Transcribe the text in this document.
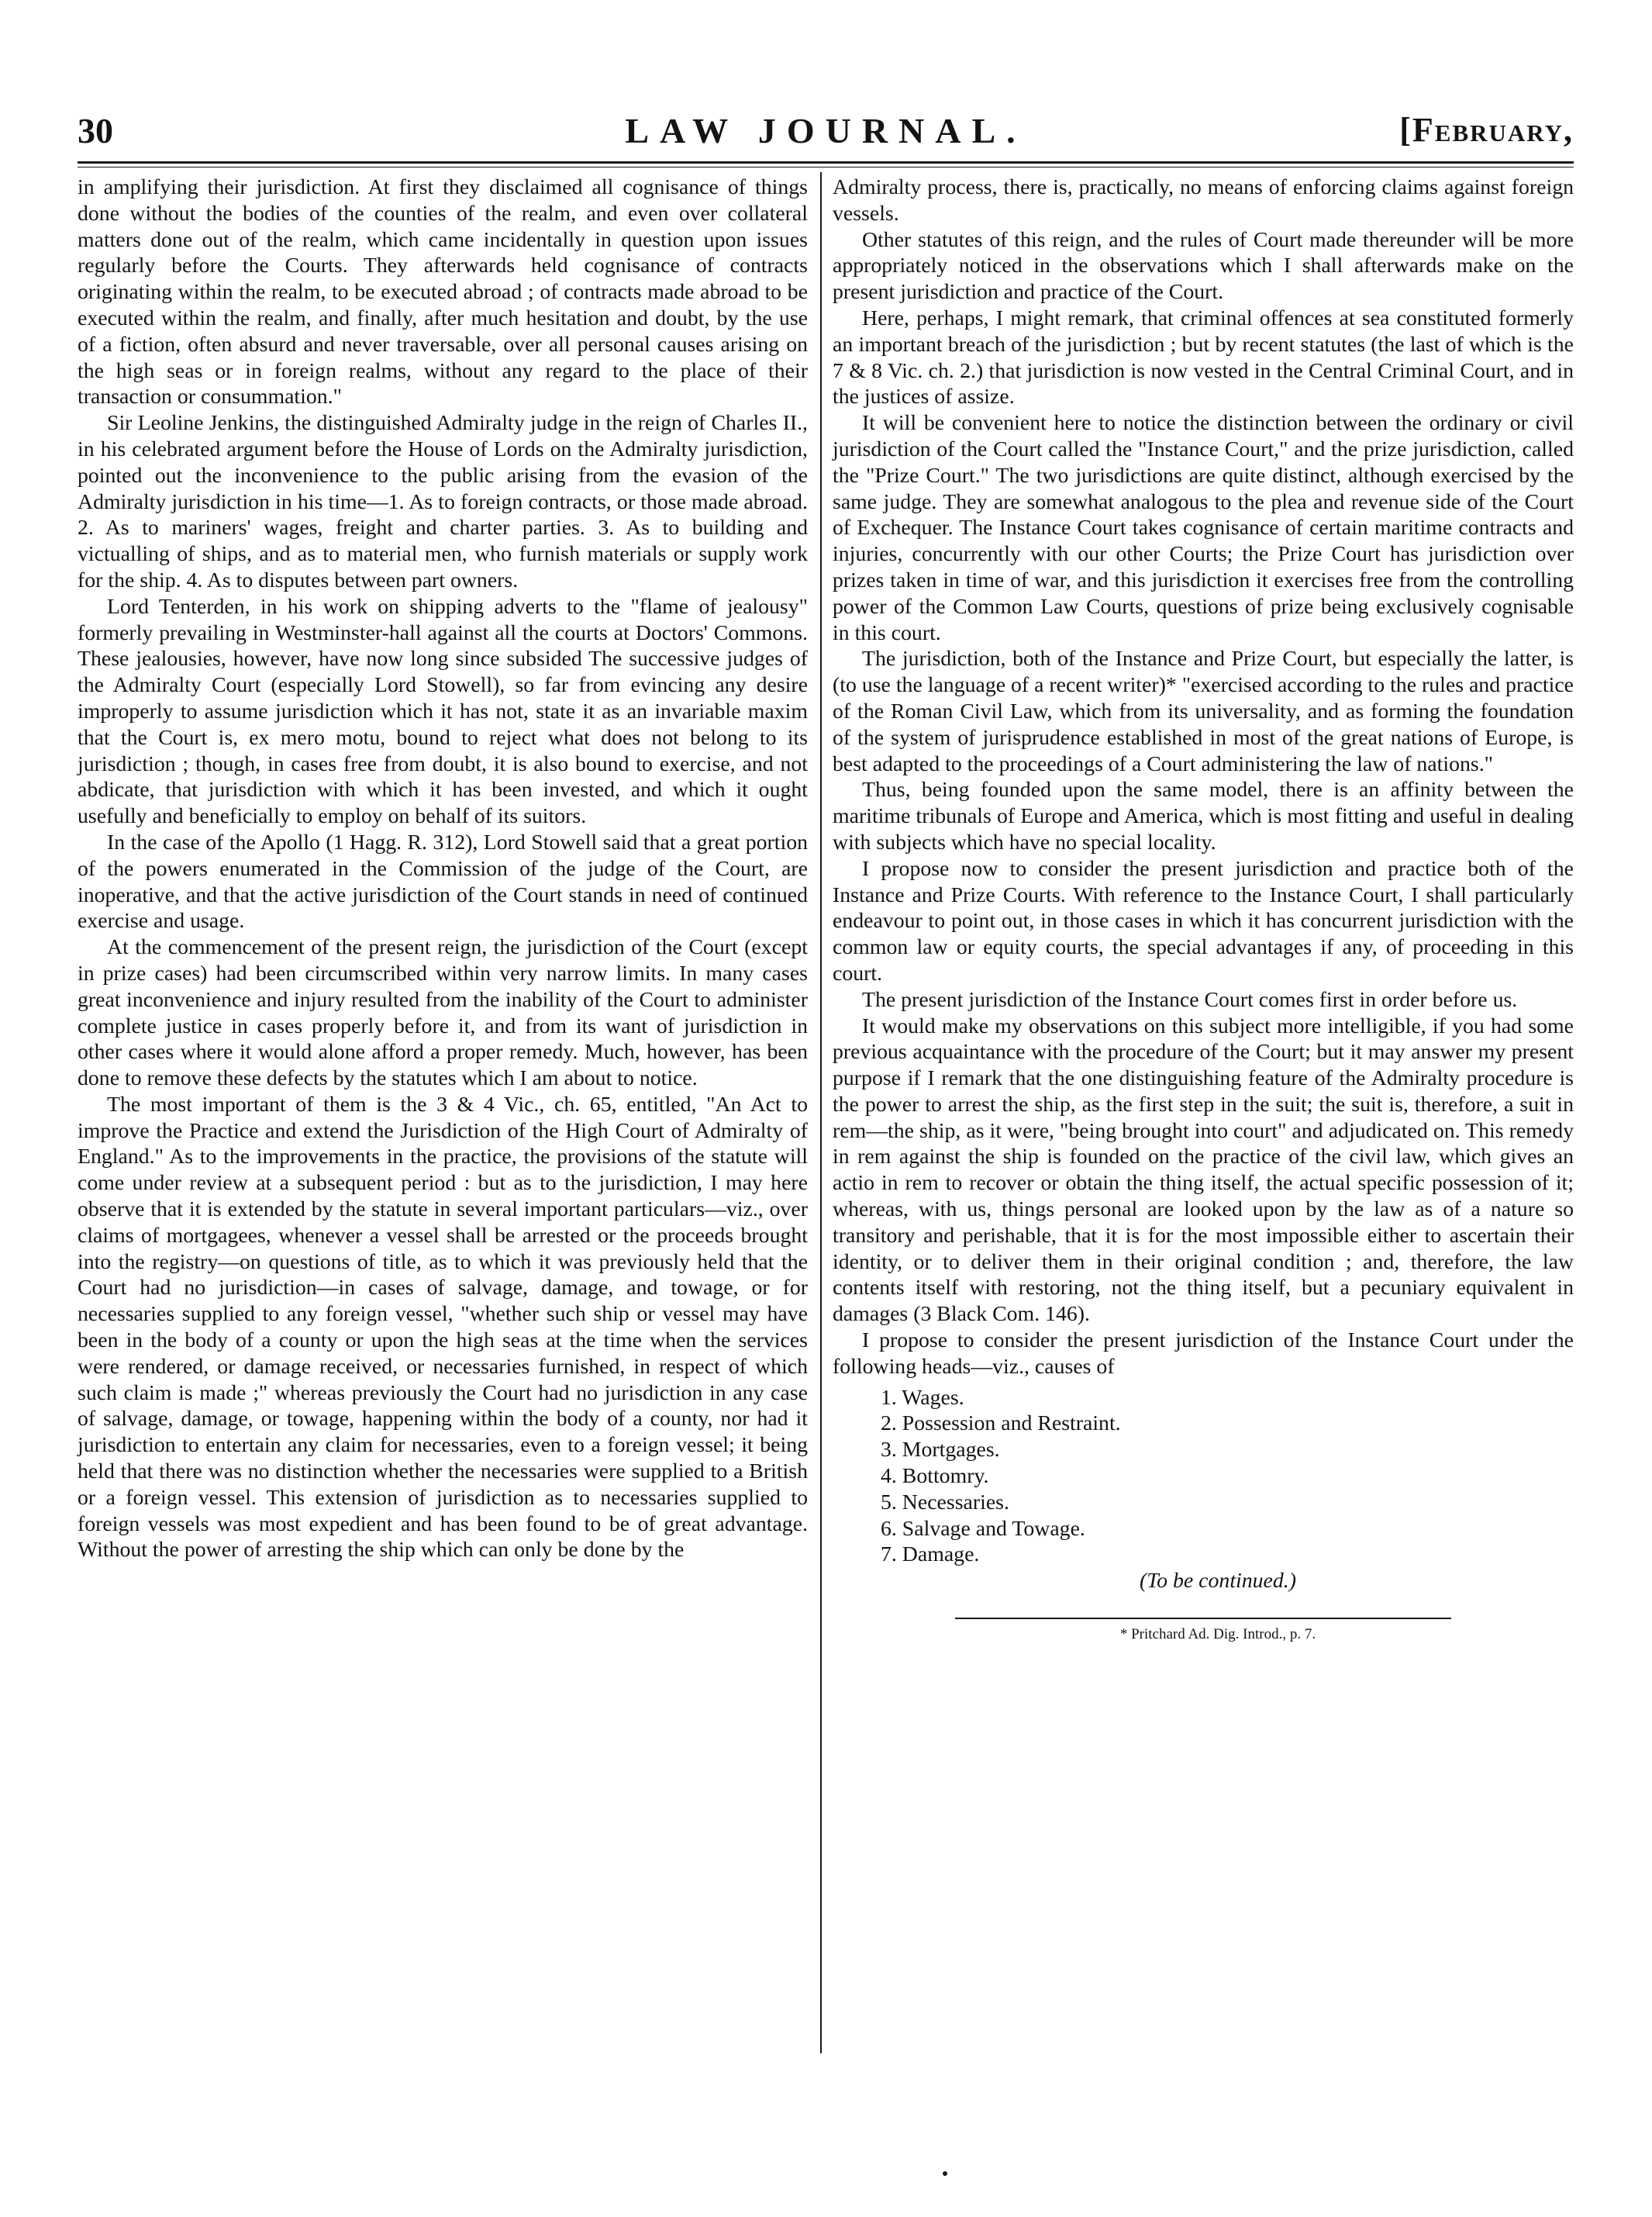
30	LAW JOURNAL.	[February,

in amplifying their jurisdiction. At first they disclaimed all cognisance of things done without the bodies of the counties of the realm, and even over collateral matters done out of the realm, which came incidentally in question upon issues regularly before the Courts. They afterwards held cognisance of contracts originating within the realm, to be executed abroad ; of contracts made abroad to be executed within the realm, and finally, after much hesitation and doubt, by the use of a fiction, often absurd and never traversable, over all personal causes arising on the high seas or in foreign realms, without any regard to the place of their transaction or consummation."

Sir Leoline Jenkins, the distinguished Admiralty judge in the reign of Charles II., in his celebrated argument before the House of Lords on the Admiralty jurisdiction, pointed out the inconvenience to the public arising from the evasion of the Admiralty jurisdiction in his time—1. As to foreign contracts, or those made abroad. 2. As to mariners' wages, freight and charter parties. 3. As to building and victualling of ships, and as to material men, who furnish materials or supply work for the ship. 4. As to disputes between part owners.

Lord Tenterden, in his work on shipping adverts to the "flame of jealousy" formerly prevailing in Westminster-hall against all the courts at Doctors' Commons. These jealousies, however, have now long since subsided The successive judges of the Admiralty Court (especially Lord Stowell), so far from evincing any desire improperly to assume jurisdiction which it has not, state it as an invariable maxim that the Court is, ex mero motu, bound to reject what does not belong to its jurisdiction ; though, in cases free from doubt, it is also bound to exercise, and not abdicate, that jurisdiction with which it has been invested, and which it ought usefully and beneficially to employ on behalf of its suitors.

In the case of the Apollo (1 Hagg. R. 312), Lord Stowell said that a great portion of the powers enumerated in the Commission of the judge of the Court, are inoperative, and that the active jurisdiction of the Court stands in need of continued exercise and usage.

At the commencement of the present reign, the jurisdiction of the Court (except in prize cases) had been circumscribed within very narrow limits. In many cases great inconvenience and injury resulted from the inability of the Court to administer complete justice in cases properly before it, and from its want of jurisdiction in other cases where it would alone afford a proper remedy. Much, however, has been done to remove these defects by the statutes which I am about to notice.

The most important of them is the 3 & 4 Vic., ch. 65, entitled, "An Act to improve the Practice and extend the Jurisdiction of the High Court of Admiralty of England." As to the improvements in the practice, the provisions of the statute will come under review at a subsequent period : but as to the jurisdiction, I may here observe that it is extended by the statute in several important particulars—viz., over claims of mortgagees, whenever a vessel shall be arrested or the proceeds brought into the registry—on questions of title, as to which it was previously held that the Court had no jurisdiction—in cases of salvage, damage, and towage, or for necessaries supplied to any foreign vessel, "whether such ship or vessel may have been in the body of a county or upon the high seas at the time when the services were rendered, or damage received, or necessaries furnished, in respect of which such claim is made ;" whereas previously the Court had no jurisdiction in any case of salvage, damage, or towage, happening within the body of a county, nor had it jurisdiction to entertain any claim for necessaries, even to a foreign vessel; it being held that there was no distinction whether the necessaries were supplied to a British or a foreign vessel. This extension of jurisdiction as to necessaries supplied to foreign vessels was most expedient and has been found to be of great advantage. Without the power of arresting the ship which can only be done by the

Admiralty process, there is, practically, no means of enforcing claims against foreign vessels.

Other statutes of this reign, and the rules of Court made thereunder will be more appropriately noticed in the observations which I shall afterwards make on the present jurisdiction and practice of the Court.

Here, perhaps, I might remark, that criminal offences at sea constituted formerly an important breach of the jurisdiction ; but by recent statutes (the last of which is the 7 & 8 Vic. ch. 2.) that jurisdiction is now vested in the Central Criminal Court, and in the justices of assize.

It will be convenient here to notice the distinction between the ordinary or civil jurisdiction of the Court called the "Instance Court," and the prize jurisdiction, called the "Prize Court." The two jurisdictions are quite distinct, although exercised by the same judge. They are somewhat analogous to the plea and revenue side of the Court of Exchequer. The Instance Court takes cognisance of certain maritime contracts and injuries, concurrently with our other Courts; the Prize Court has jurisdiction over prizes taken in time of war, and this jurisdiction it exercises free from the controlling power of the Common Law Courts, questions of prize being exclusively cognisable in this court.

The jurisdiction, both of the Instance and Prize Court, but especially the latter, is (to use the language of a recent writer)* "exercised according to the rules and practice of the Roman Civil Law, which from its universality, and as forming the foundation of the system of jurisprudence established in most of the great nations of Europe, is best adapted to the proceedings of a Court administering the law of nations."

Thus, being founded upon the same model, there is an affinity between the maritime tribunals of Europe and America, which is most fitting and useful in dealing with subjects which have no special locality.

I propose now to consider the present jurisdiction and practice both of the Instance and Prize Courts. With reference to the Instance Court, I shall particularly endeavour to point out, in those cases in which it has concurrent jurisdiction with the common law or equity courts, the special advantages if any, of proceeding in this court.

The present jurisdiction of the Instance Court comes first in order before us.

It would make my observations on this subject more intelligible, if you had some previous acquaintance with the procedure of the Court; but it may answer my present purpose if I remark that the one distinguishing feature of the Admiralty procedure is the power to arrest the ship, as the first step in the suit; the suit is, therefore, a suit in rem—the ship, as it were, "being brought into court" and adjudicated on. This remedy in rem against the ship is founded on the practice of the civil law, which gives an actio in rem to recover or obtain the thing itself, the actual specific possession of it; whereas, with us, things personal are looked upon by the law as of a nature so transitory and perishable, that it is for the most impossible either to ascertain their identity, or to deliver them in their original condition ; and, therefore, the law contents itself with restoring, not the thing itself, but a pecuniary equivalent in damages (3 Black Com. 146).

I propose to consider the present jurisdiction of the Instance Court under the following heads—viz., causes of

1. Wages.
2. Possession and Restraint.
3. Mortgages.
4. Bottomry.
5. Necessaries.
6. Salvage and Towage.
7. Damage.

(To be continued.)

* Pritchard Ad. Dig. Introd., p. 7.
